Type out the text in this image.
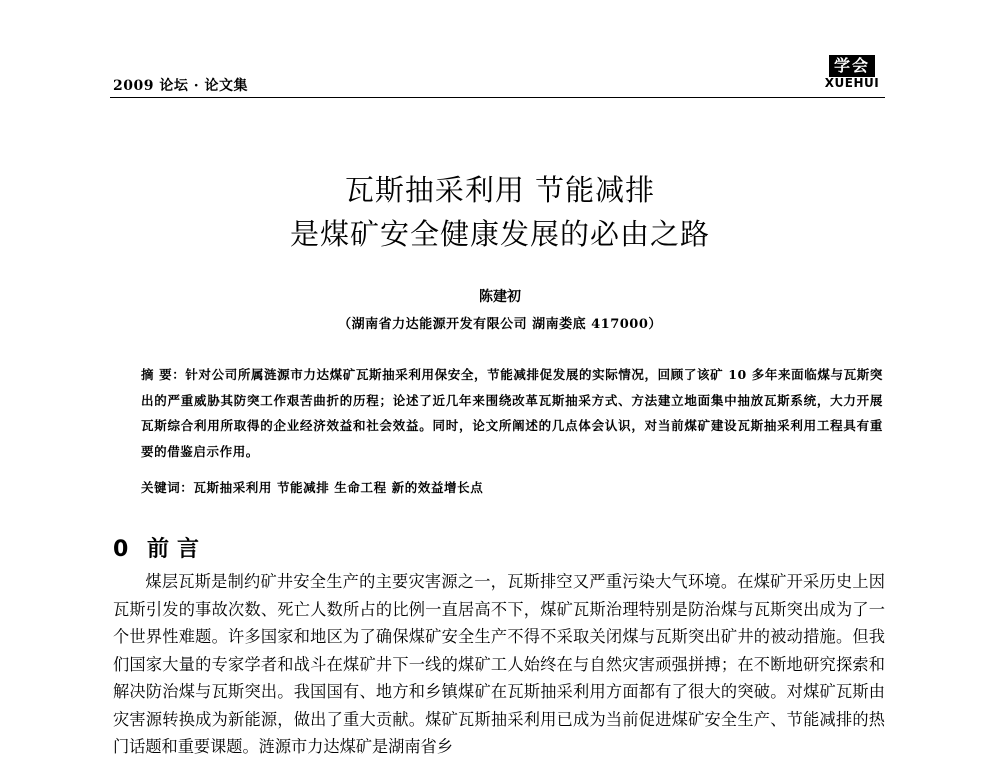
2009 论坛 · 论文集
学会
XUEHUI
瓦斯抽采利用 节能减排
是煤矿安全健康发展的必由之路
陈建初
（湖南省力达能源开发有限公司 湖南娄底 417000）
摘 要：针对公司所属涟源市力达煤矿瓦斯抽采利用保安全，节能减排促发展的实际情况，回顾了该矿 10 多年来面临煤与瓦斯突出的严重威胁其防突工作艰苦曲折的历程；论述了近几年来围绕改革瓦斯抽采方式、方法建立地面集中抽放瓦斯系统，大力开展瓦斯综合利用所取得的企业经济效益和社会效益。同时，论文所阐述的几点体会认识，对当前煤矿建设瓦斯抽采利用工程具有重要的借鉴启示作用。
关键词：瓦斯抽采利用 节能减排 生命工程 新的效益增长点
0 前言

煤层瓦斯是制约矿井安全生产的主要灾害源之一，瓦斯排空又严重污染大气环境。在煤矿开采历史上因瓦斯引发的事故次数、死亡人数所占的比例一直居高不下，煤矿瓦斯治理特别是防治煤与瓦斯突出成为了一个世界性难题。许多国家和地区为了确保煤矿安全生产不得不采取关闭煤与瓦斯突出矿井的被动措施。但我们国家大量的专家学者和战斗在煤矿井下一线的煤矿工人始终在与自然灾害顽强拼搏；在不断地研究探索和解决防治煤与瓦斯突出。我国国有、地方和乡镇煤矿在瓦斯抽采利用方面都有了很大的突破。对煤矿瓦斯由灾害源转换成为新能源，做出了重大贡献。煤矿瓦斯抽采利用已成为当前促进煤矿安全生产、节能减排的热门话题和重要课题。涟源市力达煤矿是湖南省乡
